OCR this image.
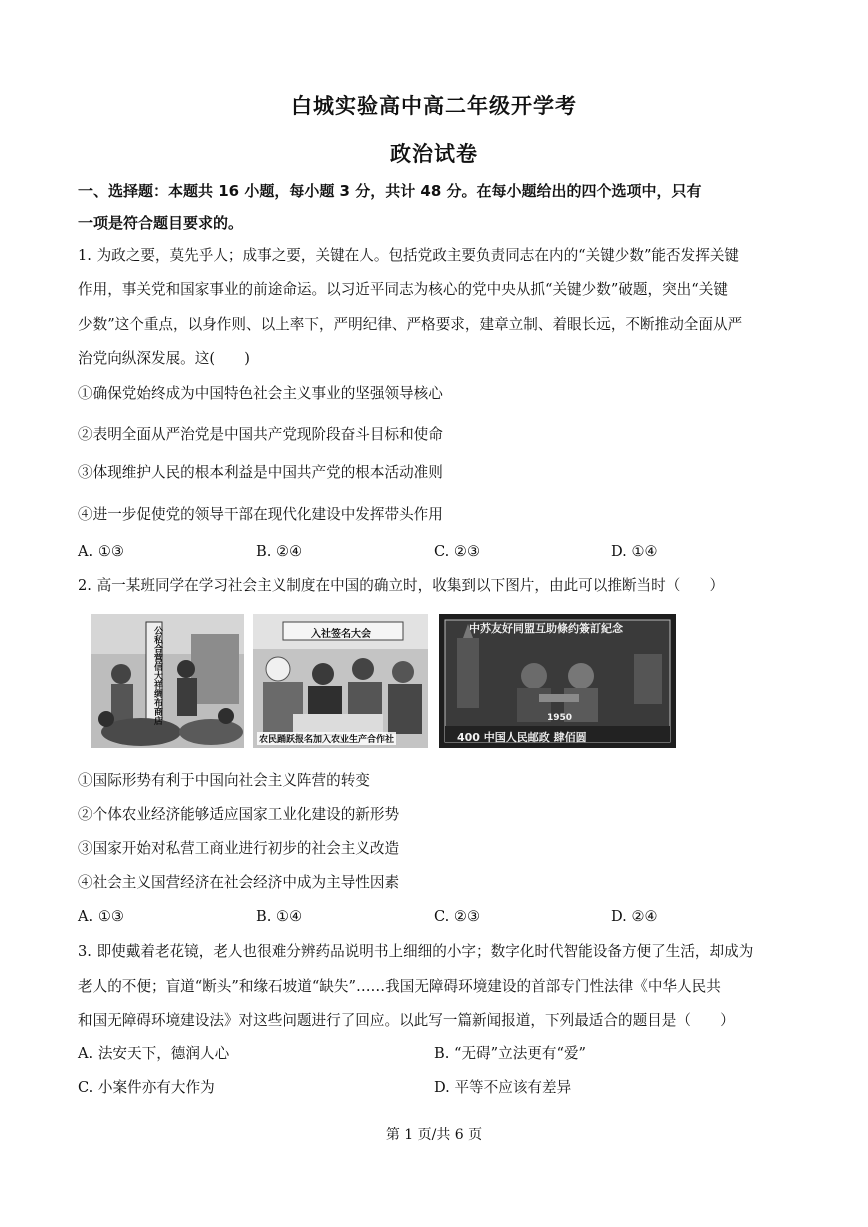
白城实验高中高二年级开学考
政治试卷
一、选择题：本题共 16 小题，每小题 3 分，共计 48 分。在每小题给出的四个选项中，只有
一项是符合题目要求的。
1. 为政之要，莫先乎人；成事之要，关键在人。包括党政主要负责同志在内的“关键少数”能否发挥关键
作用，事关党和国家事业的前途命运。以习近平同志为核心的党中央从抓“关键少数”破题，突出“关键
少数”这个重点，以身作则、以上率下，严明纪律、严格要求，建章立制、着眼长远，不断推动全面从严
治党向纵深发展。这(　　)
①确保党始终成为中国特色社会主义事业的坚强领导核心
②表明全面从严治党是中国共产党现阶段奋斗目标和使命
③体现维护人民的根本利益是中国共产党的根本活动准则
④进一步促使党的领导干部在现代化建设中发挥带头作用
A. ①③	B. ②④	C. ②③	D. ①④
2. 高一某班同学在学习社会主义制度在中国的确立时，收集到以下图片，由此可以推断当时（　　）
公私合营信大祥绸布商店	入社签名大会
农民踊跃报名加入农业生产合作社
中苏友好同盟互助條约簽訂紀念
1950
400 中国人民邮政 肆佰圆
①国际形势有利于中国向社会主义阵营的转变
②个体农业经济能够适应国家工业化建设的新形势
③国家开始对私营工商业进行初步的社会主义改造
④社会主义国营经济在社会经济中成为主导性因素
A. ①③	B. ①④	C. ②③	D. ②④
3. 即使戴着老花镜，老人也很难分辨药品说明书上细细的小字；数字化时代智能设备方便了生活，却成为
老人的不便；盲道“断头”和缘石坡道“缺失”……我国无障碍环境建设的首部专门性法律《中华人民共
和国无障碍环境建设法》对这些问题进行了回应。以此写一篇新闻报道，下列最适合的题目是（　　）
A. 法安天下，德润人心	B. “无碍”立法更有“爱”
C. 小案件亦有大作为	D. 平等不应该有差异
第 1 页/共 6 页
